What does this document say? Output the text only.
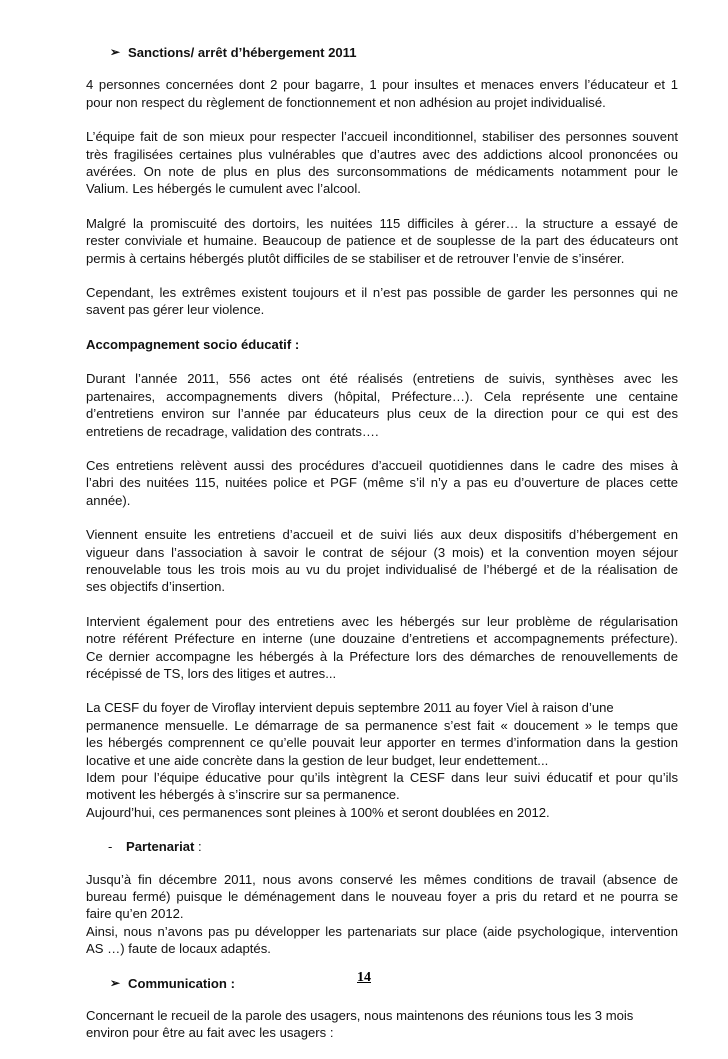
➢ Sanctions/ arrêt d’hébergement 2011

4 personnes concernées dont 2 pour bagarre, 1 pour insultes et menaces envers l’éducateur et 1
pour non respect du règlement de fonctionnement et non adhésion au projet individualisé.

L’équipe fait de son mieux pour respecter l’accueil inconditionnel, stabiliser des personnes souvent
très fragilisées certaines plus vulnérables que d’autres avec des addictions alcool prononcées ou
avérées. On note de plus en plus des surconsommations de médicaments notamment pour le
Valium. Les hébergés le cumulent avec l’alcool.

Malgré la promiscuité des dortoirs, les nuitées 115 difficiles à gérer… la structure a essayé de
rester conviviale et humaine. Beaucoup de patience et de souplesse de la part des éducateurs ont
permis à certains hébergés plutôt difficiles de se stabiliser et de retrouver l’envie de s’insérer.

Cependant, les extrêmes existent toujours et il n’est pas possible de garder les personnes qui ne
savent pas gérer leur violence.

Accompagnement socio éducatif :

Durant l’année 2011, 556 actes ont été réalisés (entretiens de suivis, synthèses avec les
partenaires, accompagnements divers (hôpital, Préfecture…). Cela représente une centaine
d’entretiens environ sur l’année par éducateurs plus ceux de la direction pour ce qui est des
entretiens de recadrage, validation des contrats….

Ces entretiens relèvent aussi des procédures d’accueil quotidiennes dans le cadre des mises à
l’abri des nuitées 115, nuitées police et PGF (même s’il n’y a pas eu d’ouverture de places cette
année).

Viennent ensuite les entretiens d’accueil et de suivi liés aux deux dispositifs d’hébergement en
vigueur dans l’association à savoir le contrat de séjour (3 mois) et la convention moyen séjour
renouvelable tous les trois mois au vu du projet individualisé de l’hébergé et de la réalisation de
ses objectifs d’insertion.

Intervient également pour des entretiens avec les hébergés sur leur problème de régularisation
notre référent Préfecture en interne (une douzaine d’entretiens et accompagnements préfecture).
Ce dernier accompagne les hébergés à la Préfecture lors des démarches de renouvellements de
récépissé de TS, lors des litiges et autres...

La CESF du foyer de Viroflay intervient depuis septembre 2011 au foyer Viel à raison d’une
permanence mensuelle. Le démarrage de sa permanence s’est fait « doucement » le temps que
les hébergés comprennent ce qu’elle pouvait leur apporter en termes d’information dans la gestion
locative et une aide concrète dans la gestion de leur budget, leur endettement...
Idem pour l’équipe éducative pour qu’ils intègrent la CESF dans leur suivi éducatif et pour qu’ils
motivent les hébergés à s’inscrire sur sa permanence.
Aujourd’hui, ces permanences sont pleines à 100% et seront doublées en 2012.

-	Partenariat :

Jusqu’à fin décembre 2011, nous avons conservé les mêmes conditions de travail (absence de
bureau fermé) puisque le déménagement dans le nouveau foyer a pris du retard et ne pourra se
faire qu’en 2012.
Ainsi, nous n’avons pas pu développer les partenariats sur place (aide psychologique, intervention
AS …) faute de locaux adaptés.

➢ Communication :

Concernant le recueil de la parole des usagers, nous maintenons des réunions tous les 3 mois
environ pour être au fait avec les usagers :

14
